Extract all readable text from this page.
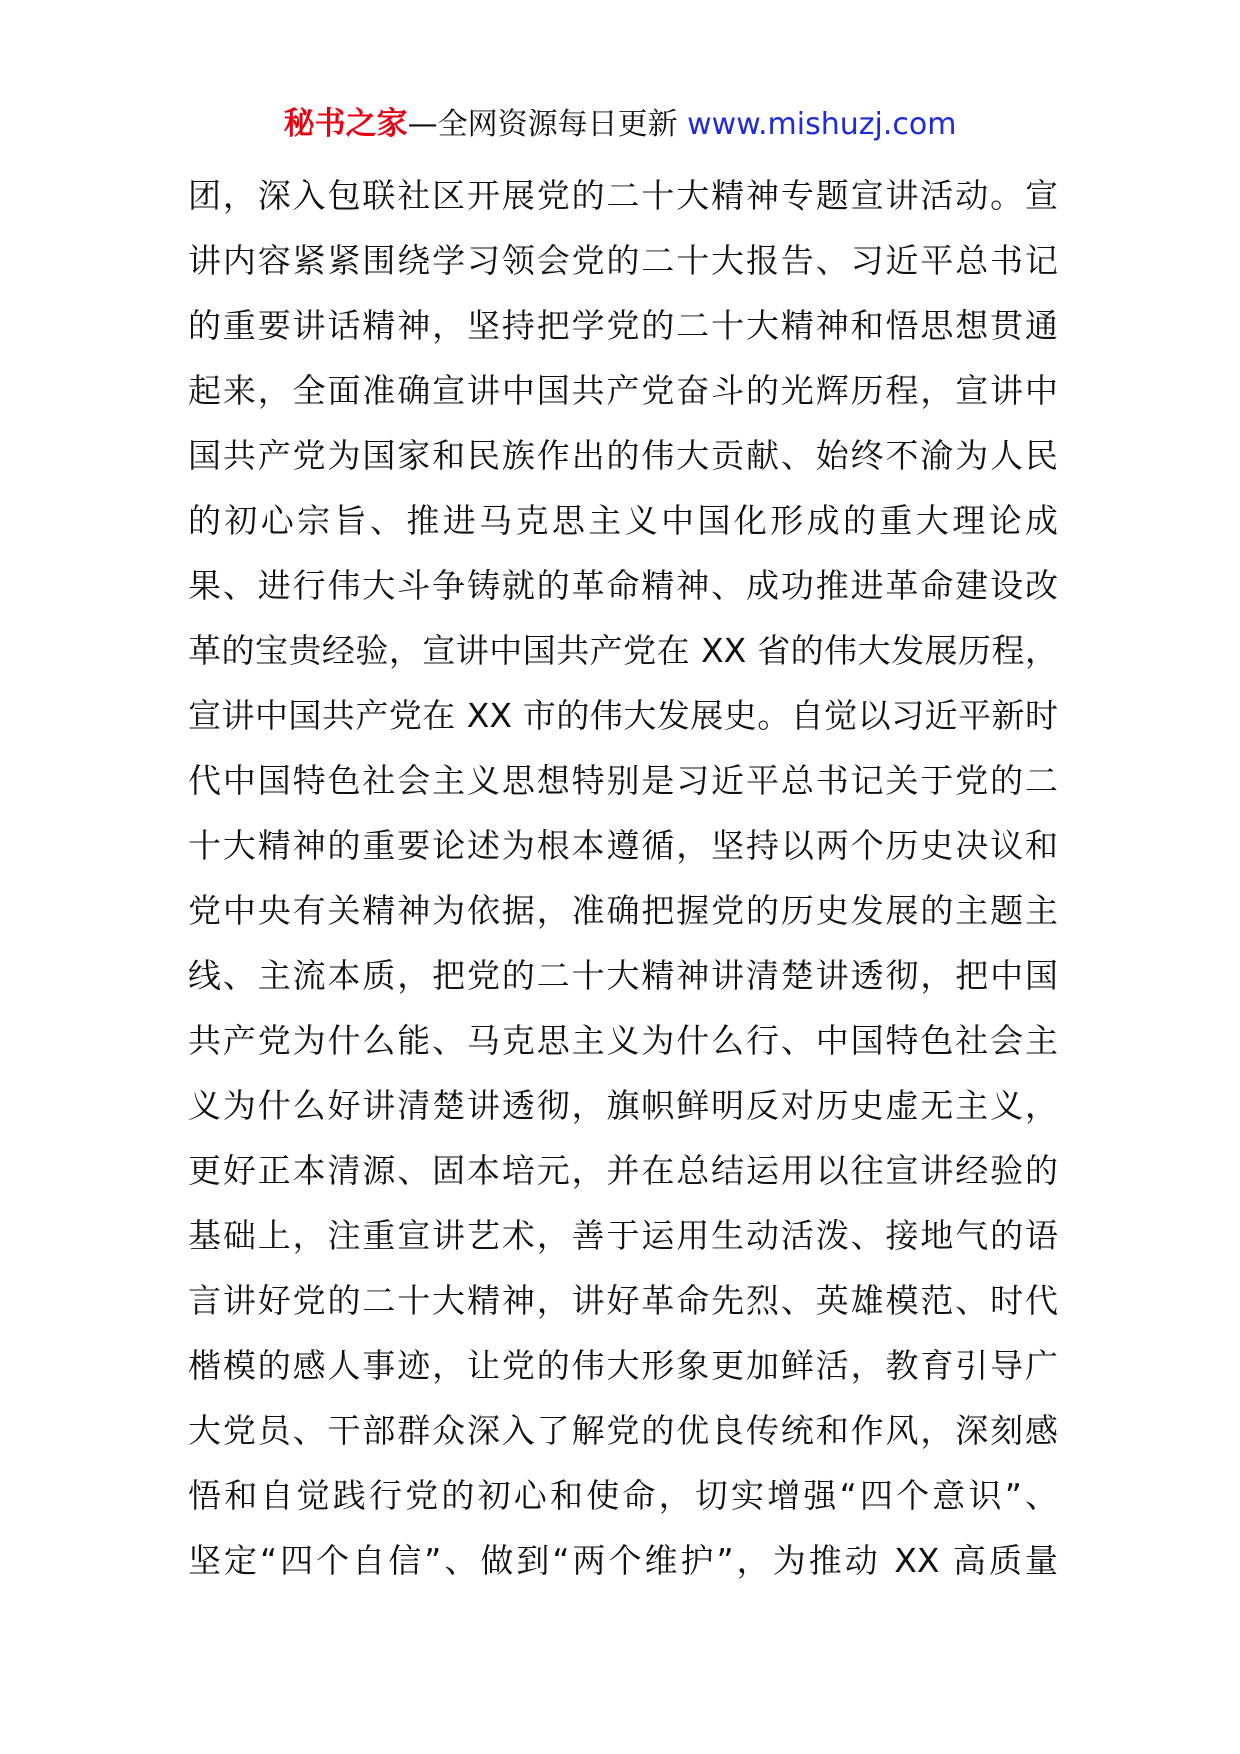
秘书之家—全网资源每日更新 www.mishuzj.com
团，深入包联社区开展党的二十大精神专题宣讲活动。宣
讲内容紧紧围绕学习领会党的二十大报告、习近平总书记
的重要讲话精神，坚持把学党的二十大精神和悟思想贯通
起来，全面准确宣讲中国共产党奋斗的光辉历程，宣讲中
国共产党为国家和民族作出的伟大贡献、始终不渝为人民
的初心宗旨、推进马克思主义中国化形成的重大理论成
果、进行伟大斗争铸就的革命精神、成功推进革命建设改
革的宝贵经验，宣讲中国共产党在 XX 省的伟大发展历程，
宣讲中国共产党在 XX 市的伟大发展史。自觉以习近平新时
代中国特色社会主义思想特别是习近平总书记关于党的二
十大精神的重要论述为根本遵循，坚持以两个历史决议和
党中央有关精神为依据，准确把握党的历史发展的主题主
线、主流本质，把党的二十大精神讲清楚讲透彻，把中国
共产党为什么能、马克思主义为什么行、中国特色社会主
义为什么好讲清楚讲透彻，旗帜鲜明反对历史虚无主义，
更好正本清源、固本培元，并在总结运用以往宣讲经验的
基础上，注重宣讲艺术，善于运用生动活泼、接地气的语
言讲好党的二十大精神，讲好革命先烈、英雄模范、时代
楷模的感人事迹，让党的伟大形象更加鲜活，教育引导广
大党员、干部群众深入了解党的优良传统和作风，深刻感
悟和自觉践行党的初心和使命，切实增强“四个意识”、
坚定“四个自信”、做到“两个维护”，为推动 XX 高质量
